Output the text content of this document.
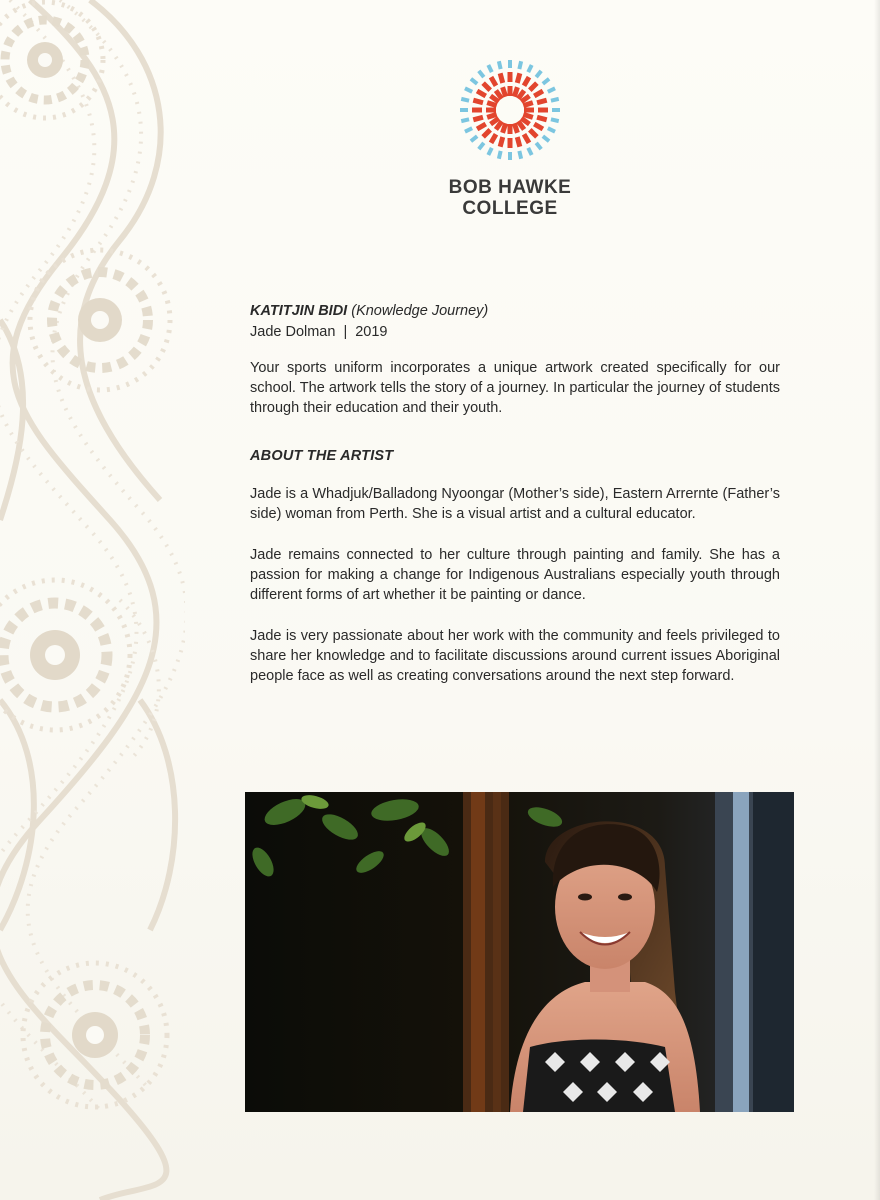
BOB HAWKE
COLLEGE
KATITJIN BIDI (Knowledge Journey)
Jade Dolman | 2019

Your sports uniform incorporates a unique artwork created specifically for our school. The artwork tells the story of a journey. In particular the journey of students through their education and their youth.

ABOUT THE ARTIST

Jade is a Whadjuk/Balladong Nyoongar (Mother’s side), Eastern Arrernte (Father’s side) woman from Perth. She is a visual artist and a cultural educator.

Jade remains connected to her culture through painting and family. She has a passion for making a change for Indigenous Australians especially youth through different forms of art whether it be painting or dance.

Jade is very passionate about her work with the community and feels privileged to share her knowledge and to facilitate discussions around current issues Aboriginal people face as well as creating conversations around the next step forward.
